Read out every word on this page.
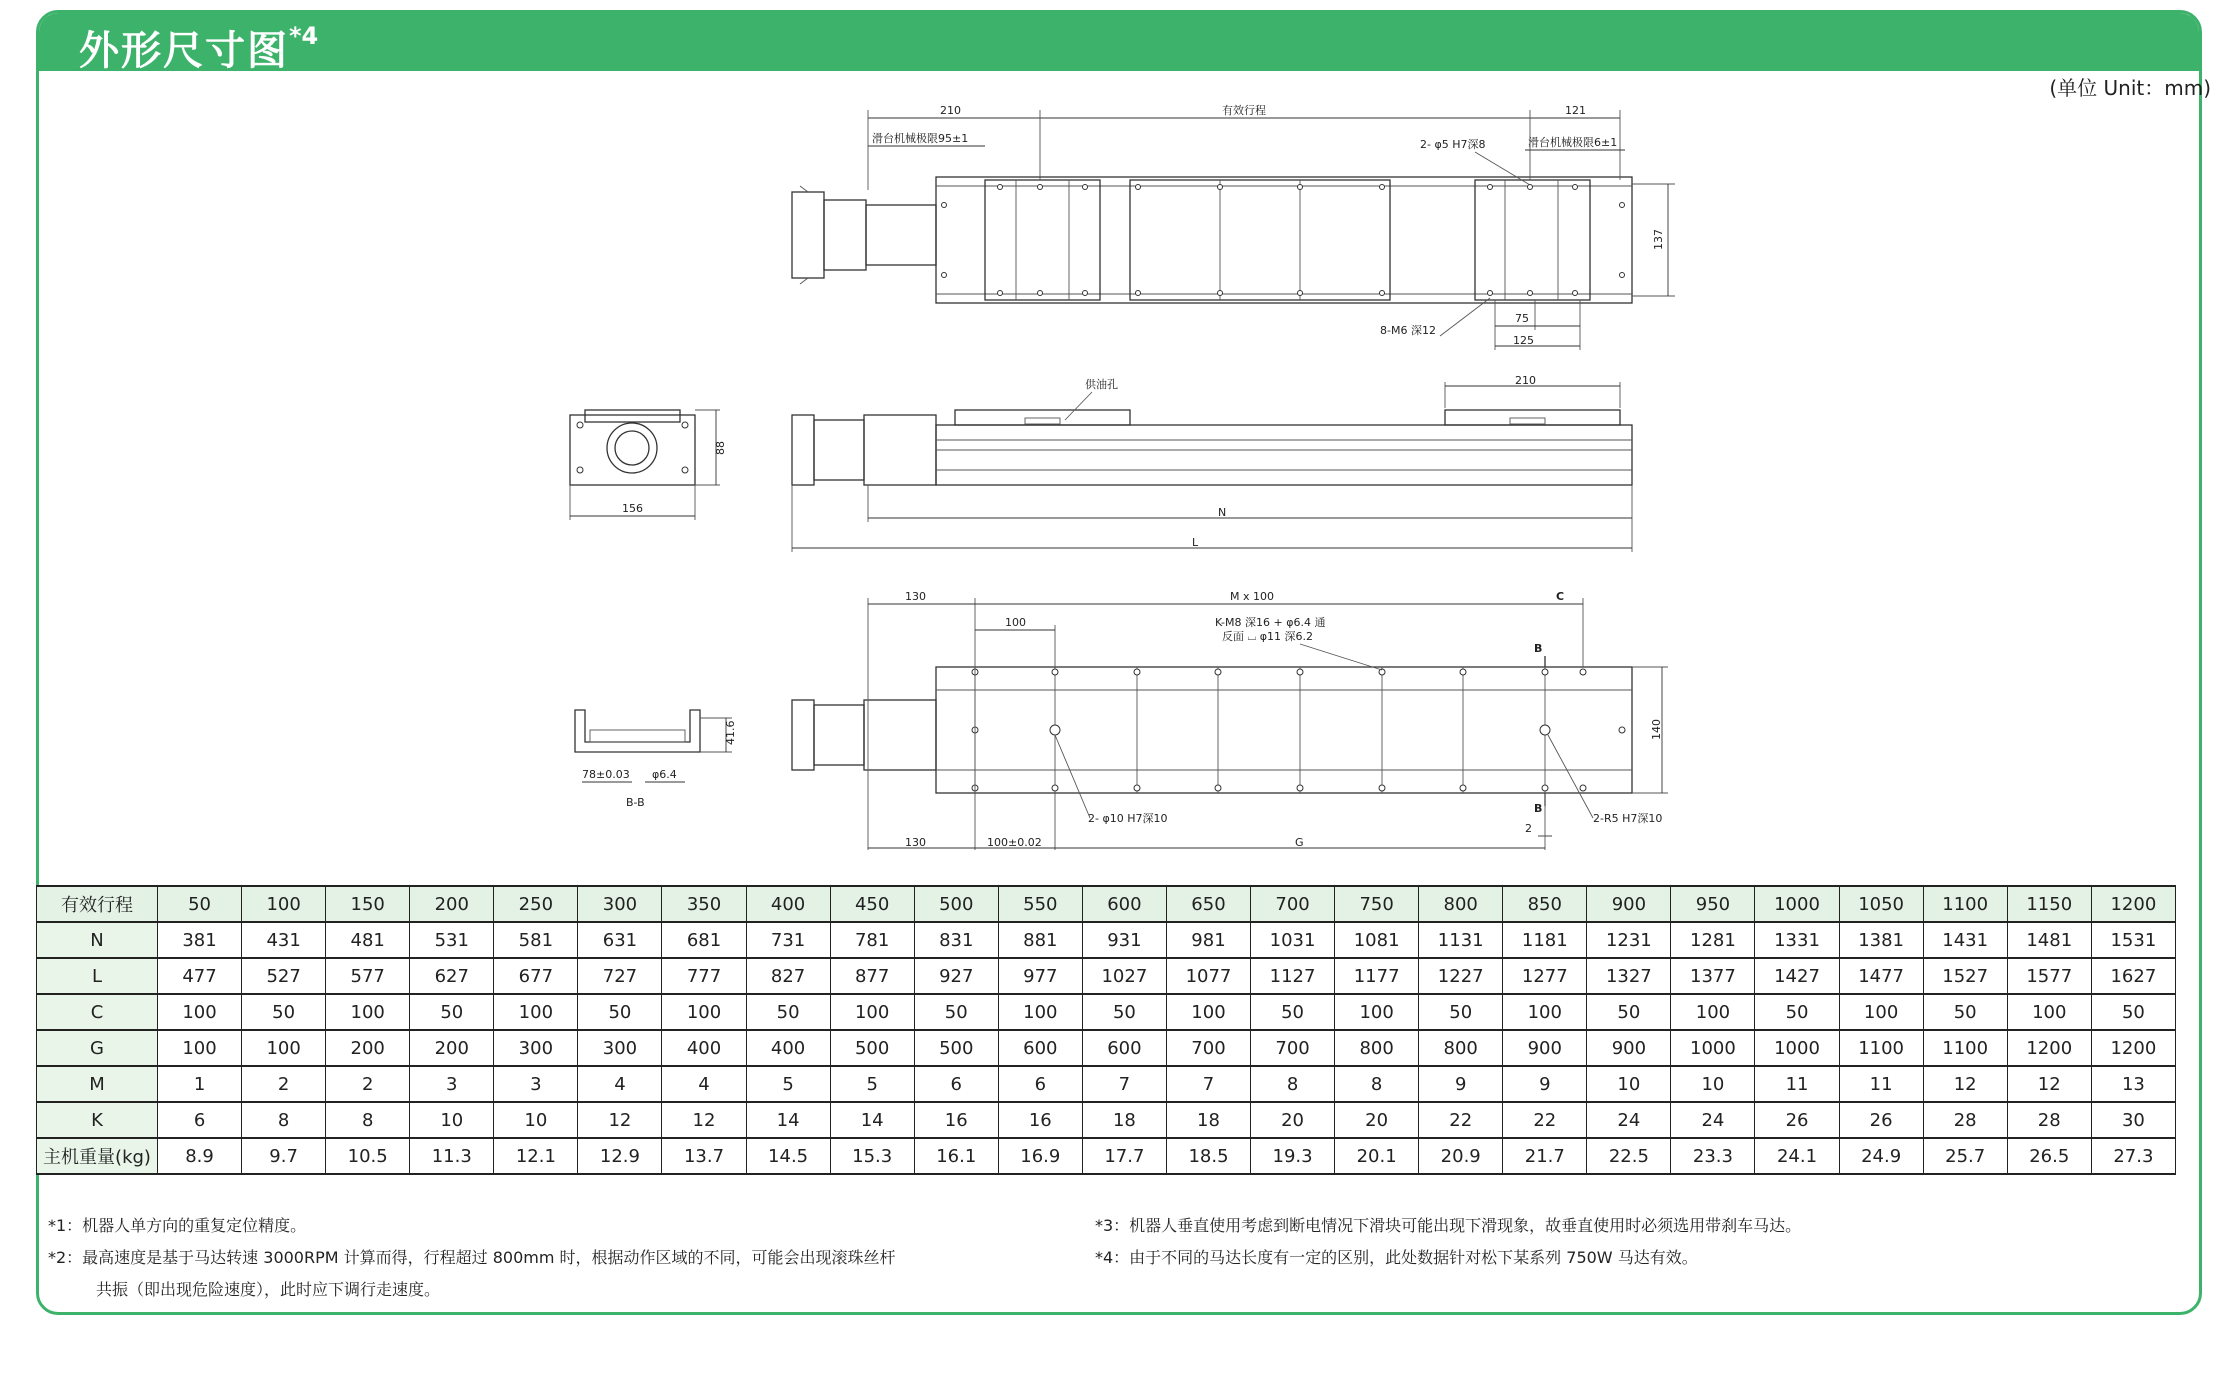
外形尺寸图$^{*4}$
(单位 Unit：mm)
210	有效行程	121
滑台机械极限95±1	滑台机械极限6±1
2- φ5 H7深8
137
75
125
8-M6 深12
88
156
供油孔	210
N
L
41.6
78±0.03 φ6.4
B-B
130	M x 100	C
100	K-M8 深16 + φ6.4 通
反面 ⌴ φ11 深6.2
B
140
2- φ10 H7深10	2-R5 H7深10
B
2
130	100±0.02	G
有效行程	50	100	150	200	250	300	350	400	450	500	550	600	650	700	750	800	850	900	950	1000	1050	1100	1150	1200
N	381	431	481	531	581	631	681	731	781	831	881	931	981	1031	1081	1131	1181	1231	1281	1331	1381	1431	1481	1531
L	477	527	577	627	677	727	777	827	877	927	977	1027	1077	1127	1177	1227	1277	1327	1377	1427	1477	1527	1577	1627
C	100	50	100	50	100	50	100	50	100	50	100	50	100	50	100	50	100	50	100	50	100	50	100	50
G	100	100	200	200	300	300	400	400	500	500	600	600	700	700	800	800	900	900	1000	1000	1100	1100	1200	1200
M	1	2	2	3	3	4	4	5	5	6	6	7	7	8	8	9	9	10	10	11	11	12	12	13
K	6	8	8	10	10	12	12	14	14	16	16	18	18	20	20	22	22	24	24	26	26	28	28	30
主机重量(kg)	8.9	9.7	10.5	11.3	12.1	12.9	13.7	14.5	15.3	16.1	16.9	17.7	18.5	19.3	20.1	20.9	21.7	22.5	23.3	24.1	24.9	25.7	26.5	27.3
*1：机器人单方向的重复定位精度。
*2：最高速度是基于马达转速 3000RPM 计算而得，行程超过 800mm 时，根据动作区域的不同，可能会出现滚珠丝杆
共振（即出现危险速度），此时应下调行走速度。
*3：机器人垂直使用考虑到断电情况下滑块可能出现下滑现象，故垂直使用时必须选用带刹车马达。
*4：由于不同的马达长度有一定的区别，此处数据针对松下某系列 750W 马达有效。
